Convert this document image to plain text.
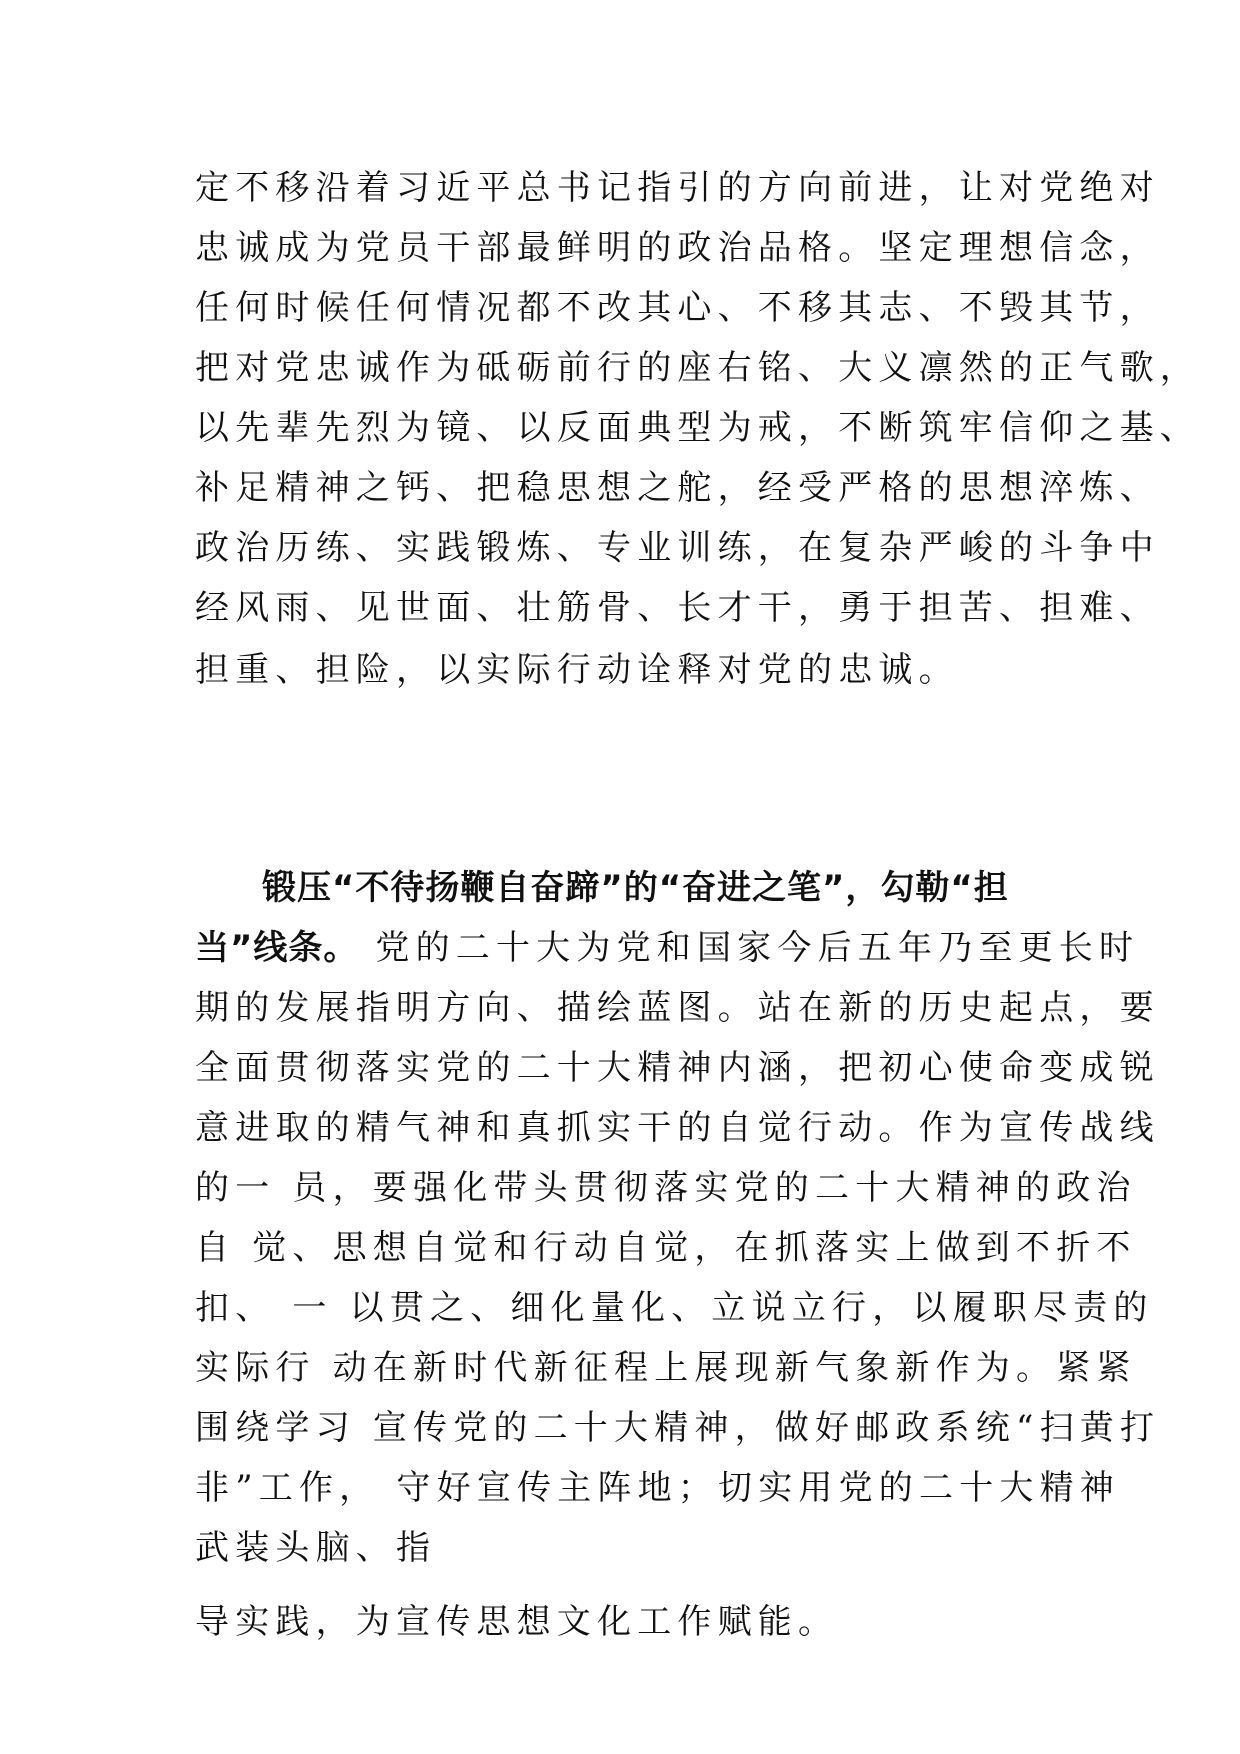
定不移沿着习近平总书记指引的方向前进，让对党绝对
忠诚成为党员干部最鲜明的政治品格。坚定理想信念，
任何时候任何情况都不改其心、不移其志、不毁其节，
把对党忠诚作为砥砺前行的座右铭、大义凛然的正气歌，
以先辈先烈为镜、以反面典型为戒，不断筑牢信仰之基、
补足精神之钙、把稳思想之舵，经受严格的思想淬炼、
政治历练、实践锻炼、专业训练，在复杂严峻的斗争中
经风雨、见世面、壮筋骨、长才干，勇于担苦、担难、
担重、担险，以实际行动诠释对党的忠诚。
锻压“不待扬鞭自奋蹄”的“奋进之笔”，勾勒“担
当”线条。 党的二十大为党和国家今后五年乃至更长时
期的发展指明方向、描绘蓝图。站在新的历史起点，要
全面贯彻落实党的二十大精神内涵，把初心使命变成锐
意进取的精气神和真抓实干的自觉行动。作为宣传战线
的一 员，要强化带头贯彻落实党的二十大精神的政治
自 觉、思想自觉和行动自觉，在抓落实上做到不折不
扣、 一 以贯之、细化量化、立说立行，以履职尽责的
实际行 动在新时代新征程上展现新气象新作为。紧紧
围绕学习 宣传党的二十大精神，做好邮政系统“扫黄打
非”工作， 守好宣传主阵地；切实用党的二十大精神
武装头脑、指
导实践，为宣传思想文化工作赋能。
